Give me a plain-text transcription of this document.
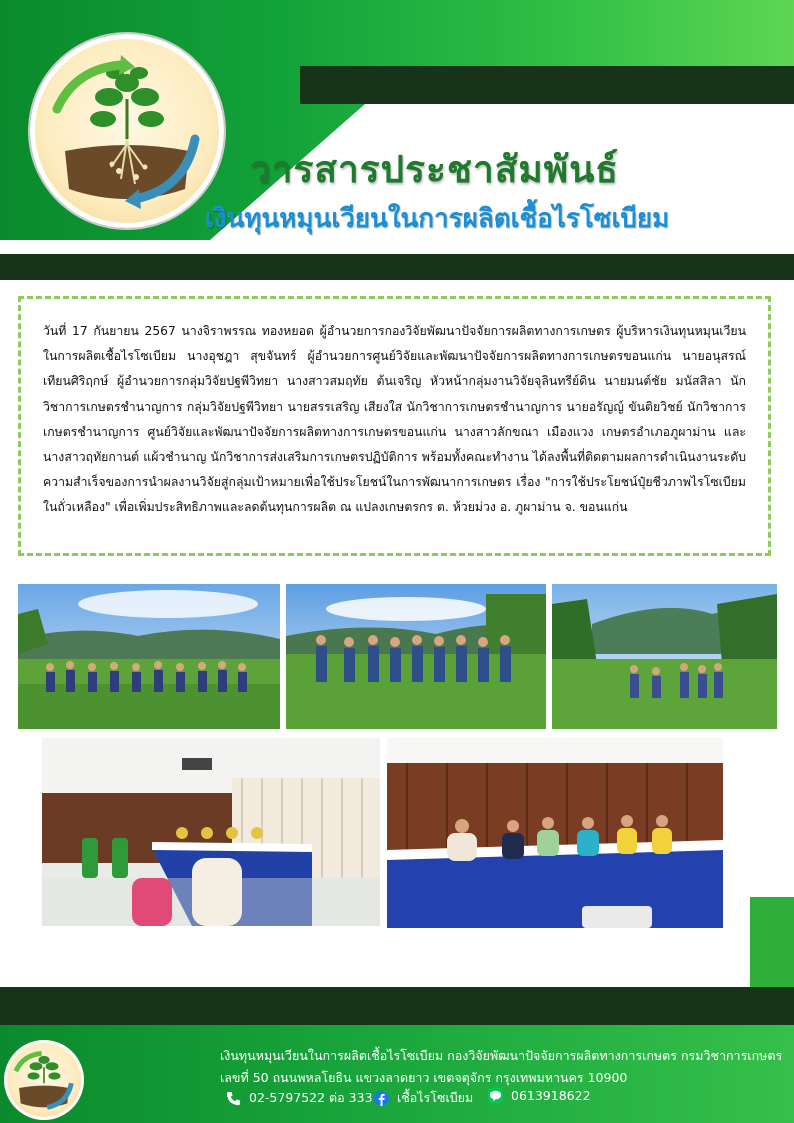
วารสารประชาสัมพันธ์
เงินทุนหมุนเวียนในการผลิตเชื้อไรโซเบียม

วันที่ 17 กันยายน 2567 นางจิราพรรณ ทองหยอด ผู้อำนวยการกองวิจัยพัฒนาปัจจัยการผลิตทางการเกษตร ผู้บริหารเงินทุนหมุนเวียนในการผลิตเชื้อไรโซเบียม นางอุชฎา สุขจันทร์ ผู้อำนวยการศูนย์วิจัยและพัฒนาปัจจัยการผลิตทางการเกษตรขอนแก่น นายอนุสรณ์ เทียนศิริฤกษ์ ผู้อำนวยการกลุ่มวิจัยปฐพีวิทยา นางสาวสมฤทัย ต้นเจริญ หัวหน้ากลุ่มงานวิจัยจุลินทรีย์ดิน นายมนต์ชัย มนัสสิลา นักวิชาการเกษตรชำนาญการ กลุ่มวิจัยปฐพีวิทยา นายสรรเสริญ เสียงใส นักวิชาการเกษตรชำนาญการ นายอรัญญ์ ขันติยวิชย์ นักวิชาการเกษตรชำนาญการ ศูนย์วิจัยและพัฒนาปัจจัยการผลิตทางการเกษตรขอนแก่น นางสาวลักขณา เมืองแวง เกษตรอำเภอภูผาม่าน และนางสาวฤทัยกานต์ แผ้วชำนาญ นักวิชาการส่งเสริมการเกษตรปฏิบัติการ พร้อมทั้งคณะทำงาน ได้ลงพื้นที่ติดตามผลการดำเนินงานระดับความสำเร็จของการนำผลงานวิจัยสู่กลุ่มเป้าหมายเพื่อใช้ประโยชน์ในการพัฒนาการเกษตร เรื่อง "การใช้ประโยชน์ปุ๋ยชีวภาพไรโซเบียมในถั่วเหลือง" เพื่อเพิ่มประสิทธิภาพและลดต้นทุนการผลิต ณ แปลงเกษตรกร ต. ห้วยม่วง อ. ภูผาม่าน จ. ขอนแก่น

เงินทุนหมุนเวียนในการผลิตเชื้อไรโซเบียม กองวิจัยพัฒนาปัจจัยการผลิตทางการเกษตร กรมวิชาการเกษตร
เลขที่ 50 ถนนพหลโยธิน แขวงลาดยาว เขตจตุจักร กรุงเทพมหานคร 10900
02-5797522 ต่อ 333 เชื้อไรโซเบียม	0613918622
